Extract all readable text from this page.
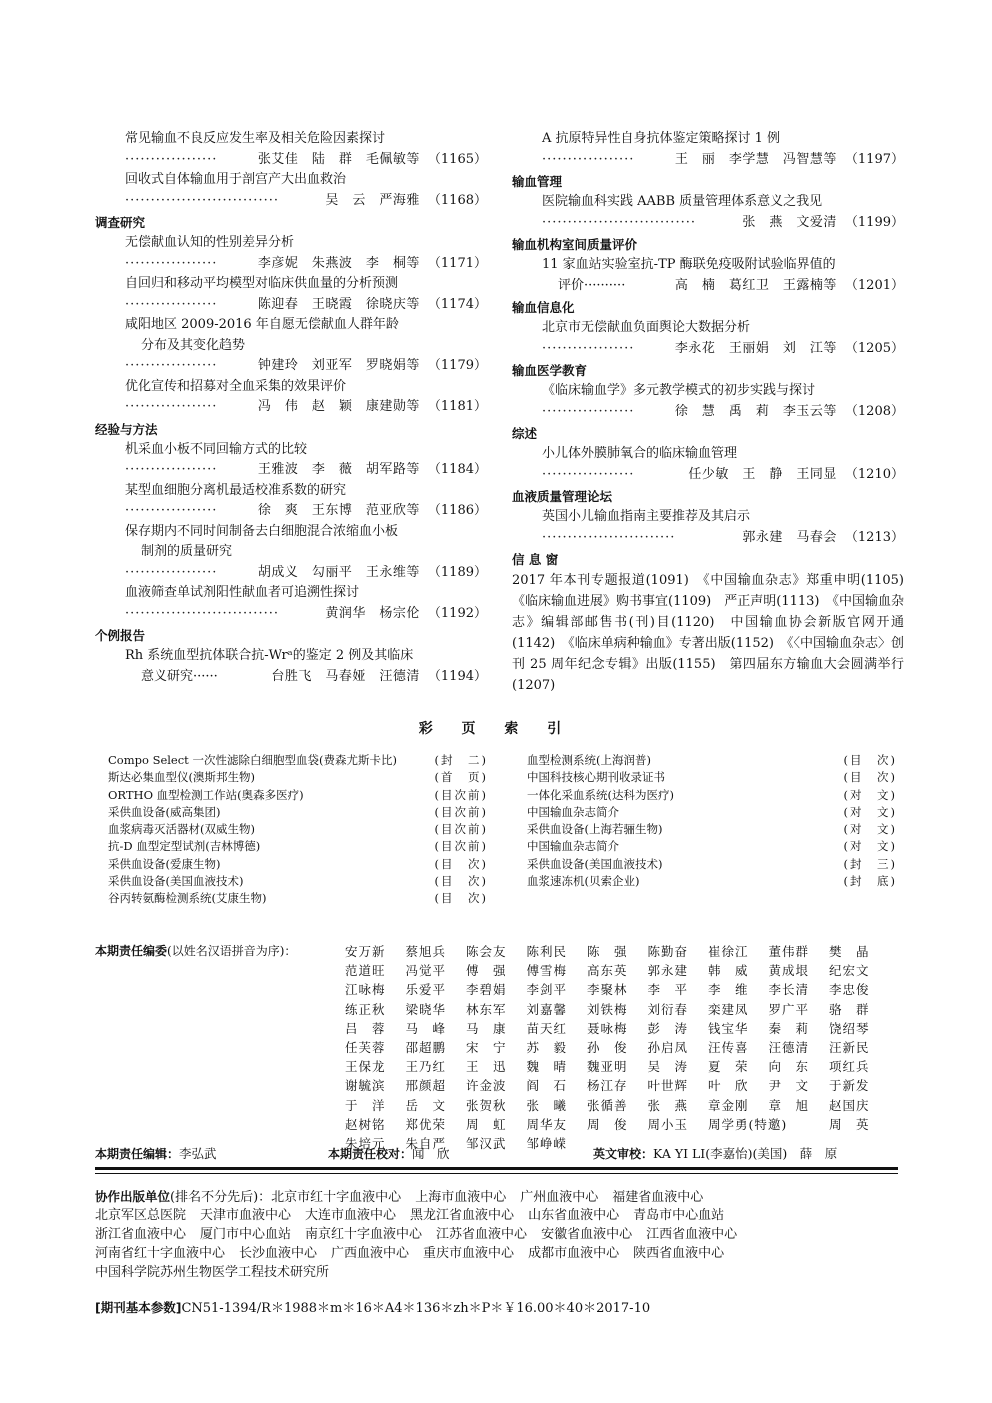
常见输血不良反应发生率及相关危险因素探讨
··················	张艾佳　陆　群　毛佩敏等 （1165）
回收式自体输血用于剖宫产大出血救治
······························	吴　云　严海雅 （1168）
调查研究
无偿献血认知的性别差异分析
··················	李彦妮　朱燕波　李　桐等 （1171）
自回归和移动平均模型对临床供血量的分析预测
··················	陈迎春　王晓霞　徐晓庆等 （1174）
咸阳地区 2009-2016 年自愿无偿献血人群年龄
分布及其变化趋势
··················	钟建玲　刘亚军　罗晓娟等 （1179）
优化宣传和招募对全血采集的效果评价
··················	冯　伟　赵　颖　康建勋等 （1181）
经验与方法
机采血小板不同回输方式的比较
··················	王雅波　李　薇　胡军路等 （1184）
某型血细胞分离机最适校准系数的研究
··················	徐　爽　王东博　范亚欣等 （1186）
保存期内不同时间制备去白细胞混合浓缩血小板
制剂的质量研究
··················	胡成义　勾丽平　王永维等 （1189）
血液筛查单试剂阳性献血者可追溯性探讨
······························	黄润华　杨宗伦 （1192）
个例报告
Rh 系统血型抗体联合抗-Wrᵃ的鉴定 2 例及其临床
意义研究······	台胜飞　马春娅　汪德清 （1194）
A 抗原特异性自身抗体鉴定策略探讨 1 例
··················	王　丽　李学慧　冯智慧等 （1197）
输血管理
医院输血科实践 AABB 质量管理体系意义之我见
······························	张　燕　文爱清 （1199）
输血机构室间质量评价
11 家血站实验室抗-TP 酶联免疫吸附试验临界值的
评价··········	高　楠　葛红卫　王露楠等 （1201）
输血信息化
北京市无偿献血负面舆论大数据分析
··················	李永花　王丽娟　刘　江等 （1205）
输血医学教育
《临床输血学》多元教学模式的初步实践与探讨
··················	徐　慧　禹　莉　李玉云等 （1208）
综述
小儿体外膜肺氧合的临床输血管理
··················	任少敏　王　静　王同显 （1210）
血液质量管理论坛
英国小儿输血指南主要推荐及其启示
··························	郭永建　马春会 （1213）
信 息 窗
2017 年本刊专题报道(1091)　《中国输血杂志》郑重申明(1105)　《临床输血进展》购书事宜(1109)　严正声明(1113)　《中国输血杂志》编辑部邮售书(刊)目(1120)　中国输血协会新版官网开通(1142)　《临床单病种输血》专著出版(1152)　《〈中国输血杂志〉创刊 25 周年纪念专辑》出版(1155)　第四届东方输血大会圆满举行(1207)
彩 页 索 引
Compo Select 一次性滤除白细胞型血袋(费森尤斯卡比)	(封　二)
斯达必集血型仪(澳斯邦生物)	(首　页)
ORTHO 血型检测工作站(奥森多医疗)	(目次前)
采供血设备(威高集团)	(目次前)
血浆病毒灭活器材(双威生物)	(目次前)
抗-D 血型定型试剂(吉林博德)	(目次前)
采供血设备(爱康生物)	(目　次)
采供血设备(美国血液技术)	(目　次)
谷丙转氨酶检测系统(艾康生物)	(目　次)
血型检测系统(上海润普)	(目　次)
中国科技核心期刊收录证书	(目　次)
一体化采血系统(达科为医疗)	(对　文)
中国输血杂志简介	(对　文)
采供血设备(上海若骊生物)	(对　文)
中国输血杂志简介	(对　文)
采供血设备(美国血液技术)	(封　三)
血浆速冻机(贝索企业)	(封　底)
本期责任编委(以姓名汉语拼音为序)：	安万新	蔡旭兵	陈会友	陈利民	陈　强	陈勤奋	崔徐江	董伟群	樊　晶
范道旺	冯觉平	傅　强	傅雪梅	高东英	郭永建	韩　威	黄成垠	纪宏文
江咏梅	乐爱平	李碧娟	李剑平	李聚林	李　平	李　维	李长清	李忠俊
练正秋	梁晓华	林东军	刘嘉馨	刘铁梅	刘衍春	栾建凤	罗广平	骆　群
吕　蓉	马　峰	马　康	苗天红	聂咏梅	彭　涛	钱宝华	秦　莉	饶绍琴
任芙蓉	邵超鹏	宋　宁	苏　毅	孙　俊	孙启凤	汪传喜	汪德清	汪新民
王保龙	王乃红	王　迅	魏　晴	魏亚明	吴　涛	夏　荣	向　东	项红兵
谢毓滨	邢颜超	许金波	阎　石	杨江存	叶世辉	叶　欣	尹　文	于新发
于　洋	岳　文	张贺秋	张　曦	张循善	张　燕	章金刚	章　旭	赵国庆
赵树铭	郑优荣	周　虹	周华友	周　俊	周小玉	周学勇(特邀)	周　英
朱培元	朱自严	邹汉武	邹峥嵘
本期责任编辑：李弘武	本期责任校对：闻　欣	英文审校：KA YI LI(李嘉怡)(美国)　薛　原
协作出版单位(排名不分先后)：北京市红十字血液中心 上海市血液中心 广州血液中心 福建省血液中心
北京军区总医院 天津市血液中心 大连市血液中心 黑龙江省血液中心 山东省血液中心 青岛市中心血站
浙江省血液中心 厦门市中心血站 南京红十字血液中心 江苏省血液中心 安徽省血液中心 江西省血液中心
河南省红十字血液中心 长沙血液中心 广西血液中心 重庆市血液中心 成都市血液中心 陕西省血液中心
中国科学院苏州生物医学工程技术研究所
[期刊基本参数]CN51-1394/R＊1988＊m＊16＊A4＊136＊zh＊P＊￥16.00＊40＊2017-10
